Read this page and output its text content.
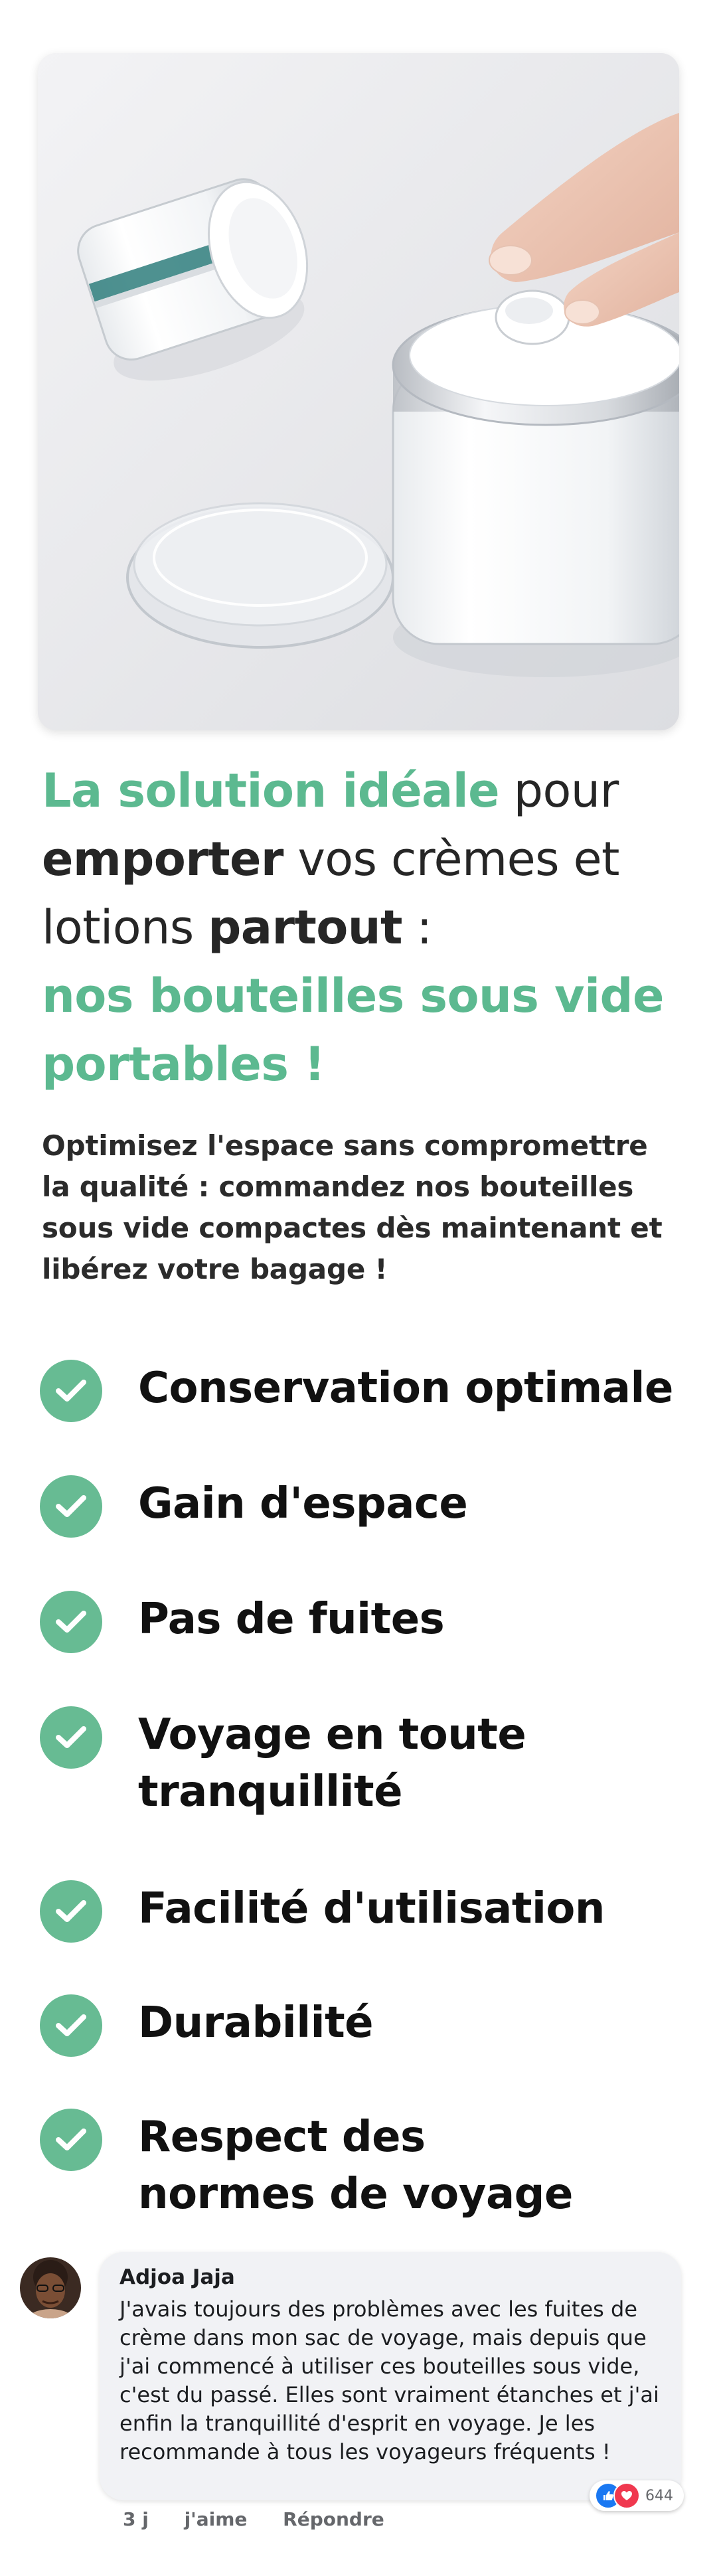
La solution idéale pour
emporter vos crèmes et lotions partout :
nos bouteilles sous vide portables !
Optimisez l'espace sans compromettre la qualité : commandez nos bouteilles sous vide compactes dès maintenant et libérez votre bagage !
Conservation optimale
Gain d'espace
Pas de fuites
Voyage en toute tranquillité
Facilité d'utilisation
Durabilité
Respect des normes de voyage
Adjoa Jaja
J'avais toujours des problèmes avec les fuites de crème dans mon sac de voyage, mais depuis que j'ai commencé à utiliser ces bouteilles sous vide, c'est du passé. Elles sont vraiment étanches et j'ai enfin la tranquillité d'esprit en voyage. Je les recommande à tous les voyageurs fréquents !
644
3 j j'aime Répondre
